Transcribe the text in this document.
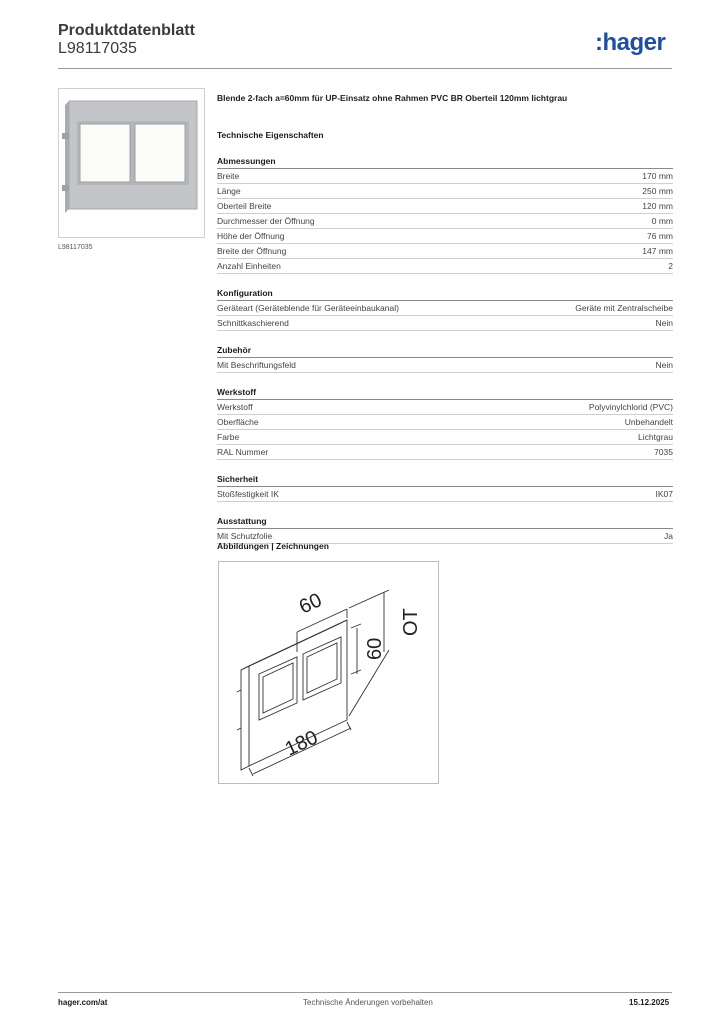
Produktdatenblatt
L98117035	:hager
L98117035
Blende 2-fach a=60mm für UP-Einsatz ohne Rahmen PVC BR Oberteil 120mm lichtgrau
Technische Eigenschaften
Abmessungen
Breite	170 mm
Länge	250 mm
Oberteil Breite	120 mm
Durchmesser der Öffnung	0 mm
Höhe der Öffnung	76 mm
Breite der Öffnung	147 mm
Anzahl Einheiten	2
Konfiguration
Geräteart (Geräteblende für Geräteeinbaukanal)	Geräte mit Zentralscheibe
Schnittkaschierend	Nein
Zubehör
Mit Beschriftungsfeld	Nein
Werkstoff
Werkstoff	Polyvinylchlorid (PVC)
Oberfläche	Unbehandelt
Farbe	Lichtgrau
RAL Nummer	7035
Sicherheit
Stoßfestigkeit IK	IK07
Ausstattung
Mit Schutzfolie	Ja
Abbildungen | Zeichnungen
60
60
OT
180
hager.com/at	Technische Änderungen vorbehalten	15.12.2025
